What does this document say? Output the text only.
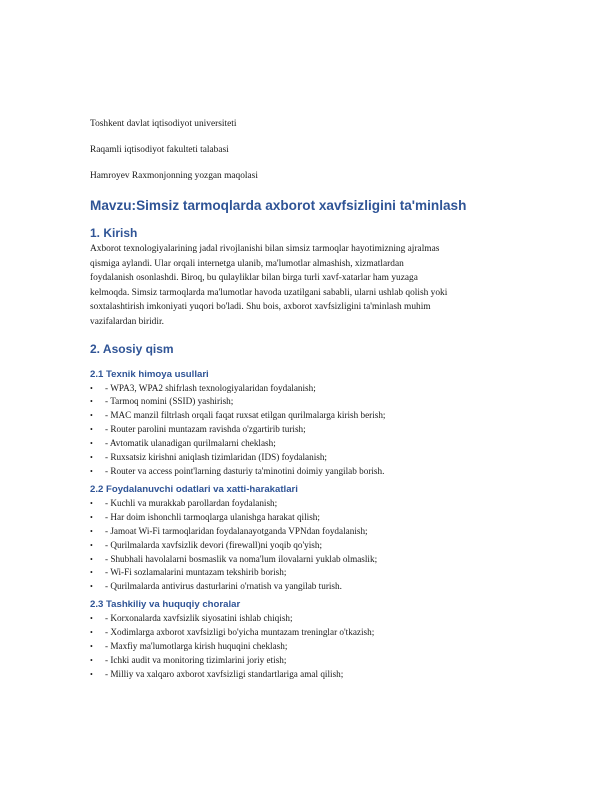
Toshkent davlat iqtisodiyot universiteti

Raqamli iqtisodiyot fakulteti talabasi

Hamroyev Raxmonjonning yozgan maqolasi

Mavzu:Simsiz tarmoqlarda axborot xavfsizligini ta'minlash
1. Kirish
Axborot texnologiyalarining jadal rivojlanishi bilan simsiz tarmoqlar hayotimizning ajralmas
qismiga aylandi. Ular orqali internetga ulanib, ma'lumotlar almashish, xizmatlardan
foydalanish osonlashdi. Biroq, bu qulayliklar bilan birga turli xavf-xatarlar ham yuzaga
kelmoqda. Simsiz tarmoqlarda ma'lumotlar havoda uzatilgani sababli, ularni ushlab qolish yoki
soxtalashtirish imkoniyati yuqori bo'ladi. Shu bois, axborot xavfsizligini ta'minlash muhim
vazifalardan biridir.
2. Asosiy qism
2.1 Texnik himoya usullari
• - WPA3, WPA2 shifrlash texnologiyalaridan foydalanish;
• - Tarmoq nomini (SSID) yashirish;
• - MAC manzil filtrlash orqali faqat ruxsat etilgan qurilmalarga kirish berish;
• - Router parolini muntazam ravishda o'zgartirib turish;
• - Avtomatik ulanadigan qurilmalarni cheklash;
• - Ruxsatsiz kirishni aniqlash tizimlaridan (IDS) foydalanish;
• - Router va access point'larning dasturiy ta'minotini doimiy yangilab borish.
2.2 Foydalanuvchi odatlari va xatti-harakatlari
• - Kuchli va murakkab parollardan foydalanish;
• - Har doim ishonchli tarmoqlarga ulanishga harakat qilish;
• - Jamoat Wi-Fi tarmoqlaridan foydalanayotganda VPNdan foydalanish;
• - Qurilmalarda xavfsizlik devori (firewall)ni yoqib qo'yish;
• - Shubhali havolalarni bosmaslik va noma'lum ilovalarni yuklab olmaslik;
• - Wi-Fi sozlamalarini muntazam tekshirib borish;
• - Qurilmalarda antivirus dasturlarini o'rnatish va yangilab turish.
2.3 Tashkiliy va huquqiy choralar
• - Korxonalarda xavfsizlik siyosatini ishlab chiqish;
• - Xodimlarga axborot xavfsizligi bo'yicha muntazam treninglar o'tkazish;
• - Maxfiy ma'lumotlarga kirish huquqini cheklash;
• - Ichki audit va monitoring tizimlarini joriy etish;
• - Milliy va xalqaro axborot xavfsizligi standartlariga amal qilish;
